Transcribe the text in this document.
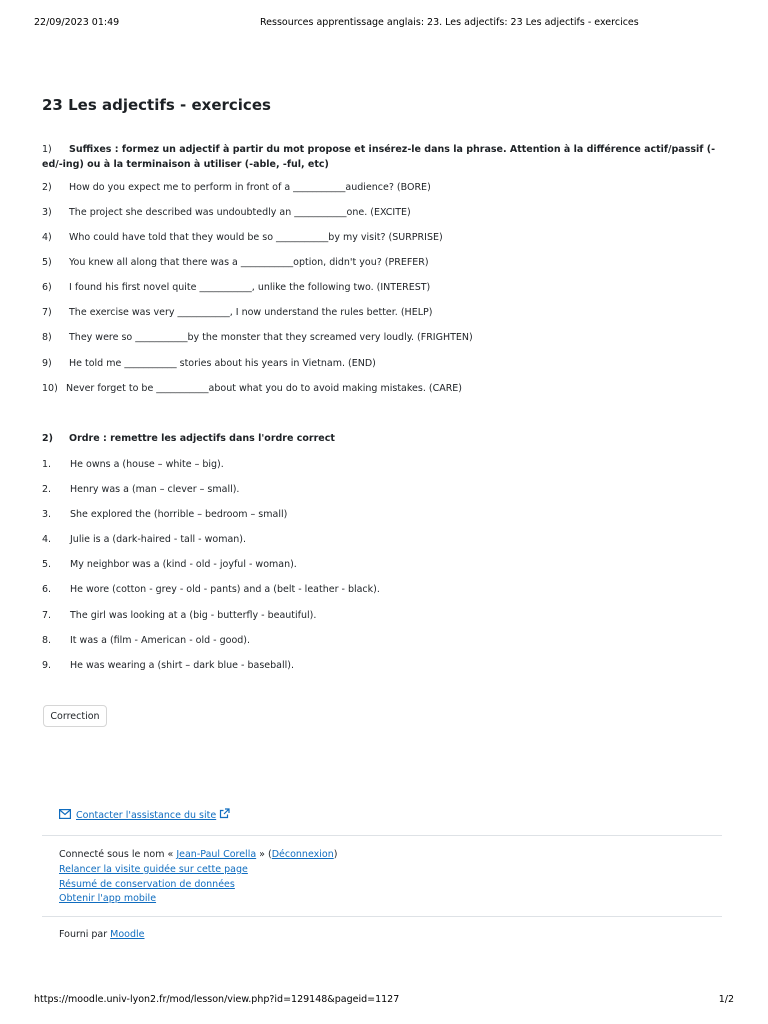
22/09/2023 01:49	Ressources apprentissage anglais: 23. Les adjectifs: 23 Les adjectifs - exercices
23 Les adjectifs - exercices
1) Suffixes : formez un adjectif à partir du mot propose et insérez-le dans la phrase. Attention à la différence actif/passif (-ed/-ing) ou à la terminaison à utiliser (-able, -ful, etc)
2) How do you expect me to perform in front of a ___________audience? (BORE)
3) The project she described was undoubtedly an ___________one. (EXCITE)
4) Who could have told that they would be so ___________by my visit? (SURPRISE)
5) You knew all along that there was a ___________option, didn't you? (PREFER)
6) I found his first novel quite ___________, unlike the following two. (INTEREST)
7) The exercise was very ___________, I now understand the rules better. (HELP)
8) They were so ___________by the monster that they screamed very loudly. (FRIGHTEN)
9) He told me ___________ stories about his years in Vietnam. (END)
10) Never forget to be ___________about what you do to avoid making mistakes. (CARE)
2) Ordre : remettre les adjectifs dans l'ordre correct
1. He owns a (house – white – big).
2. Henry was a (man – clever – small).
3. She explored the (horrible – bedroom – small)
4. Julie is a (dark-haired - tall - woman).
5. My neighbor was a (kind - old - joyful - woman).
6. He wore (cotton - grey - old - pants) and a (belt - leather - black).
7. The girl was looking at a (big - butterfly - beautiful).
8. It was a (film - American - old - good).
9. He was wearing a (shirt – dark blue - baseball).
Correction
Contacter l'assistance du site
Connecté sous le nom « Jean-Paul Corella » (Déconnexion)
Relancer la visite guidée sur cette page
Résumé de conservation de données
Obtenir l'app mobile
Fourni par Moodle
https://moodle.univ-lyon2.fr/mod/lesson/view.php?id=129148&pageid=1127	1/2
